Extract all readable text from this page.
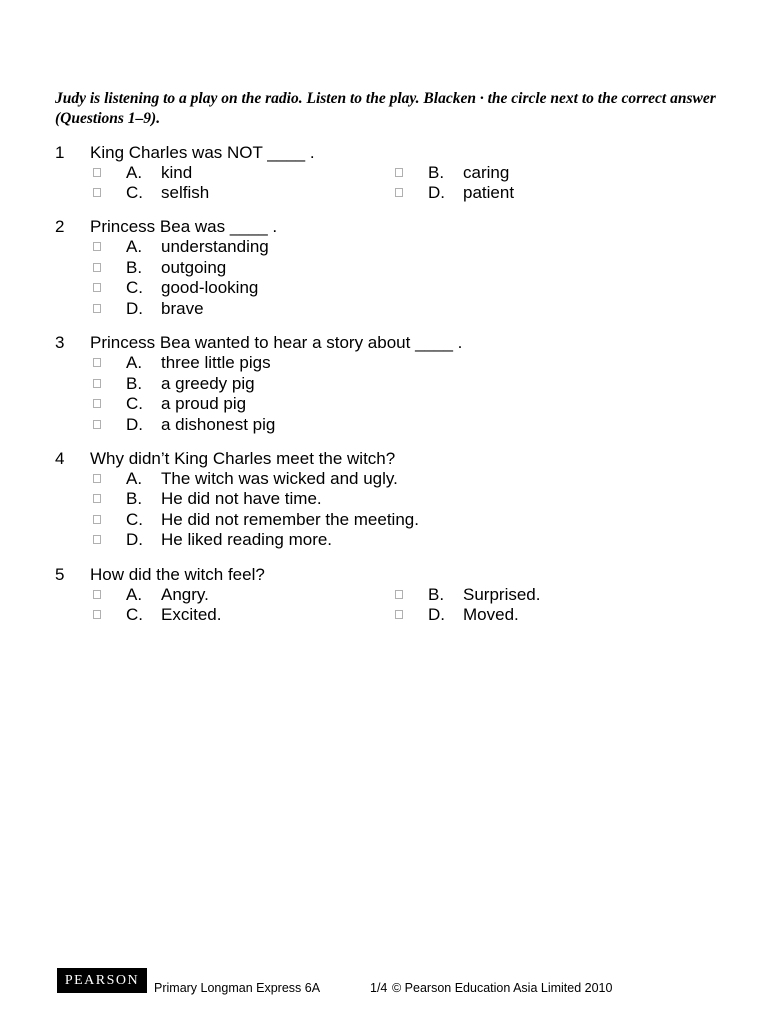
Judy is listening to a play on the radio. Listen to the play. Blacken · the circle next to the correct answer (Questions 1–9).
1	King Charles was NOT ____ .
A. kind	B. caring
C. selfish	D. patient
2	Princess Bea was ____ .
A. understanding
B. outgoing
C. good-looking
D. brave
3	Princess Bea wanted to hear a story about ____ .
A. three little pigs
B. a greedy pig
C. a proud pig
D. a dishonest pig
4	Why didn’t King Charles meet the witch?
A. The witch was wicked and ugly.
B. He did not have time.
C. He did not remember the meeting.
D. He liked reading more.
5	How did the witch feel?
A. Angry.	B. Surprised.
C. Excited.	D. Moved.
PEARSON	Primary Longman Express 6A	1/4 © Pearson Education Asia Limited 2010
